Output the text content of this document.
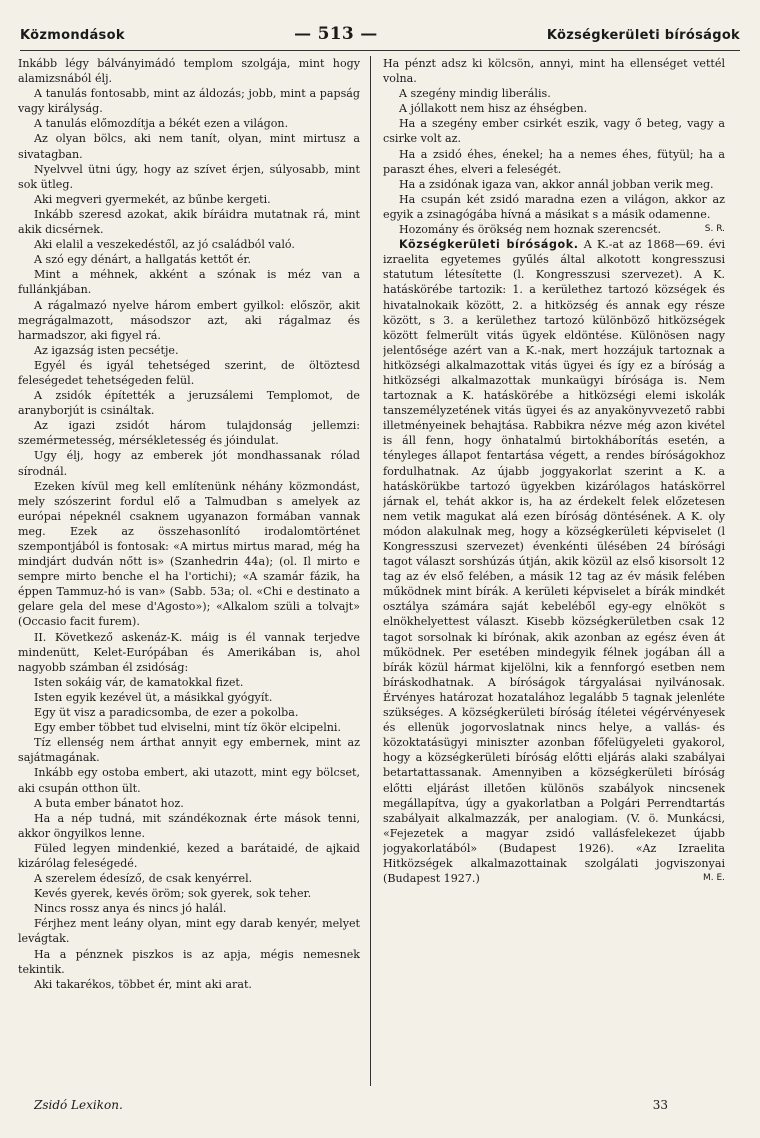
Közmondások	— 513 —	Községkerületi bíróságok

Inkább légy bálványimádó templom szolgája, mint hogy alamizsnából élj.

A tanulás fontosabb, mint az áldozás; jobb, mint a papság vagy királyság.

A tanulás előmozdítja a békét ezen a világon.

Az olyan bölcs, aki nem tanít, olyan, mint mirtusz a sivatagban.

Nyelvvel ütni úgy, hogy az szívet érjen, súlyosabb, mint sok ütleg.

Aki megveri gyermekét, az bűnbe kergeti.

Inkább szeresd azokat, akik bíráidra mutatnak rá, mint akik dicsérnek.

Aki elalil a veszekedéstől, az jó családból való.

A szó egy dénárt, a hallgatás kettőt ér.

Mint a méhnek, akként a szónak is méz van a fullánkjában.

A rágalmazó nyelve három embert gyilkol: először, akit megrágalmazott, másodszor azt, aki rágalmaz és harmadszor, aki figyel rá.

Az igazság isten pecsétje.

Egyél és igyál tehetséged szerint, de öltöztesd feleségedet tehetségeden felül.

A zsidók építették a jeruzsálemi Templomot, de aranyborjút is csináltak.

Az igazi zsidót három tulajdonság jellemzi: szemérmetesség, mérsékletesség és jóindulat.

Ugy élj, hogy az emberek jót mondhassanak rólad sírodnál.

Ezeken kívül meg kell említenünk néhány közmondást, mely szószerint fordul elő a Talmudban s amelyek az európai népeknél csaknem ugyanazon formában vannak meg. Ezek az összehasonlító irodalomtörténet szempontjából is fontosak: «A mirtus mirtus marad, még ha mindjárt dudván nőtt is» (Szanhedrin 44a); (ol. Il mirto e sempre mirto benche el ha l'ortichi); «A szamár fázik, ha éppen Tammuz-hó is van» (Sabb. 53a; ol. «Chi e destinato a gelare gela del mese d'Agosto»); «Alkalom szüli a tolvajt» (Occasio facit furem).

II. Következő askenáz-K. máig is él vannak terjedve mindenütt, Kelet-Európában és Amerikában is, ahol nagyobb számban él zsidóság:

Isten sokáig vár, de kamatokkal fizet.

Isten egyik kezével üt, a másikkal gyógyít.

Egy üt visz a paradicsomba, de ezer a pokolba.

Egy ember többet tud elviselni, mint tíz ökör elcipelni.

Tíz ellenség nem árthat annyit egy embernek, mint az sajátmagának.

Inkább egy ostoba embert, aki utazott, mint egy bölcset, aki csupán otthon ült.

A buta ember bánatot hoz.

Ha a nép tudná, mit szándékoznak érte mások tenni, akkor öngyilkos lenne.

Füled legyen mindenkié, kezed a barátaidé, de ajkaid kizárólag feleségedé.

A szerelem édesíző, de csak kenyérrel.

Kevés gyerek, kevés öröm; sok gyerek, sok teher.

Nincs rossz anya és nincs jó halál.

Férjhez ment leány olyan, mint egy darab kenyér, melyet levágtak.

Ha a pénznek piszkos is az apja, mégis nemesnek tekintik.

Aki takarékos, többet ér, mint aki arat.

Ha pénzt adsz ki kölcsön, annyi, mint ha ellenséget vettél volna.

A szegény mindig liberális.

A jóllakott nem hisz az éhségben.

Ha a szegény ember csirkét eszik, vagy ő beteg, vagy a csirke volt az.

Ha a zsidó éhes, énekel; ha a nemes éhes, fütyül; ha a paraszt éhes, elveri a feleségét.

Ha a zsidónak igaza van, akkor annál jobban verik meg.

Ha csupán két zsidó maradna ezen a világon, akkor az egyik a zsinagógába hívná a másikat s a másik odamenne.

Hozomány és örökség nem hoznak szerencsét.	S. R.

Községkerületi bíróságok. A K.-at az 1868—69. évi izraelita egyetemes gyűlés által alkotott kongresszusi statutum létesítette (l. Kongresszusi szervezet). A K. hatáskörébe tartozik: 1. a kerülethez tartozó községek és hivatalnokaik között, 2. a hitközség és annak egy része között, s 3. a kerülethez tartozó különböző hitközségek között felmerült vitás ügyek eldöntése. Különösen nagy jelentősége azért van a K.-nak, mert hozzájuk tartoznak a hitközségi alkalmazottak vitás ügyei és így ez a bíróság a hitközségi alkalmazottak munkaügyi bírósága is. Nem tartoznak a K. hatáskörébe a hitközségi elemi iskolák tanszemélyzetének vitás ügyei és az anyakönyvvezető rabbi illetményeinek behajtása. Rabbikra nézve még azon kivétel is áll fenn, hogy önhatalmú birtokháborítás esetén, a tényleges állapot fentartása végett, a rendes bíróságokhoz fordulhatnak. Az újabb joggyakorlat szerint a K. a hatáskörükbe tartozó ügyekben kizárólagos hatáskörrel járnak el, tehát akkor is, ha az érdekelt felek előzetesen nem vetik magukat alá ezen bíróság döntésének. A K. oly módon alakulnak meg, hogy a községkerületi képviselet (l Kongresszusi szervezet) évenkénti ülésében 24 bírósági tagot választ sorshúzás útján, akik közül az első kisorsolt 12 tag az év első felében, a másik 12 tag az év másik felében működnek mint bírák. A kerületi képviselet a bírák mindkét osztálya számára saját kebeléből egy-egy elnököt s elnökhelyettest választ. Kisebb községkerületben csak 12 tagot sorsolnak ki bírónak, akik azonban az egész éven át működnek. Per esetében mindegyik félnek jogában áll a bírák közül hármat kijelölni, kik a fennforgó esetben nem bíráskodhatnak. A bíróságok tárgyalásai nyilvánosak. Érvényes határozat hozatalához legalább 5 tagnak jelenléte szükséges. A községkerületi bíróság ítéletei végérvényesek és ellenük jogorvoslatnak nincs helye, a vallás- és közoktatásügyi miniszter azonban főfelügyeleti gyakorol, hogy a községkerületi bíróság előtti eljárás alaki szabályai betartattassanak. Amennyiben a községkerületi bíróság előtti eljárást illetően különös szabályok nincsenek megállapítva, úgy a gyakorlatban a Polgári Perrendtartás szabályait alkalmazzák, per analogiam. (V. ö. Munkácsi, «Fejezetek a magyar zsidó vallásfelekezet újabb jogyakorlatából» (Budapest 1926). «Az Izraelita Hitközségek alkalmazottainak szolgálati jogviszonyai (Budapest 1927.)	M. E.

Zsidó Lexikon.	33
